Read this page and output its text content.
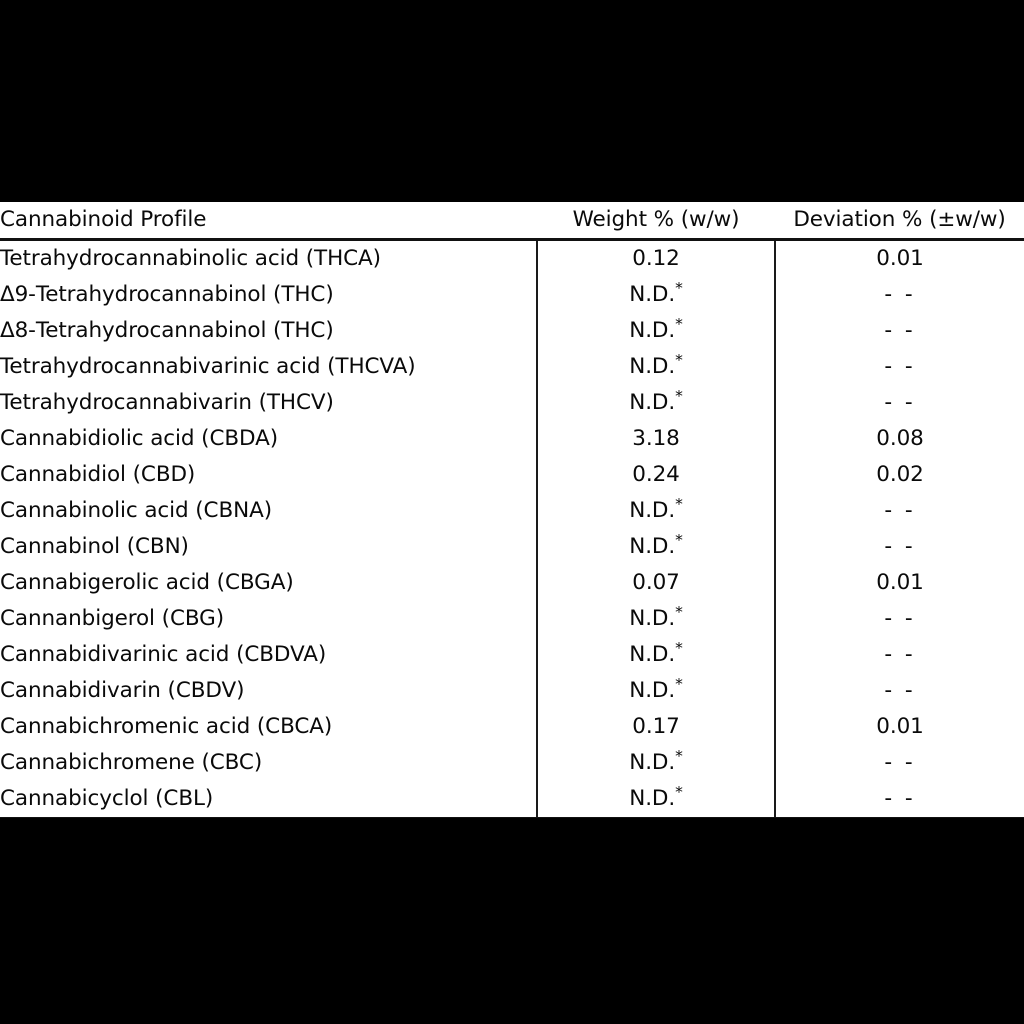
Cannabinoid Profile	Weight % (w/w)	Deviation % (±w/w)
Tetrahydrocannabinolic acid (THCA)	0.12	0.01
Δ9-Tetrahydrocannabinol (THC)	N.D.*	- -
Δ8-Tetrahydrocannabinol (THC)	N.D.*	- -
Tetrahydrocannabivarinic acid (THCVA)	N.D.*	- -
Tetrahydrocannabivarin (THCV)	N.D.*	- -
Cannabidiolic acid (CBDA)	3.18	0.08
Cannabidiol (CBD)	0.24	0.02
Cannabinolic acid (CBNA)	N.D.*	- -
Cannabinol (CBN)	N.D.*	- -
Cannabigerolic acid (CBGA)	0.07	0.01
Cannanbigerol (CBG)	N.D.*	- -
Cannabidivarinic acid (CBDVA)	N.D.*	- -
Cannabidivarin (CBDV)	N.D.*	- -
Cannabichromenic acid (CBCA)	0.17	0.01
Cannabichromene (CBC)	N.D.*	- -
Cannabicyclol (CBL)	N.D.*	- -
